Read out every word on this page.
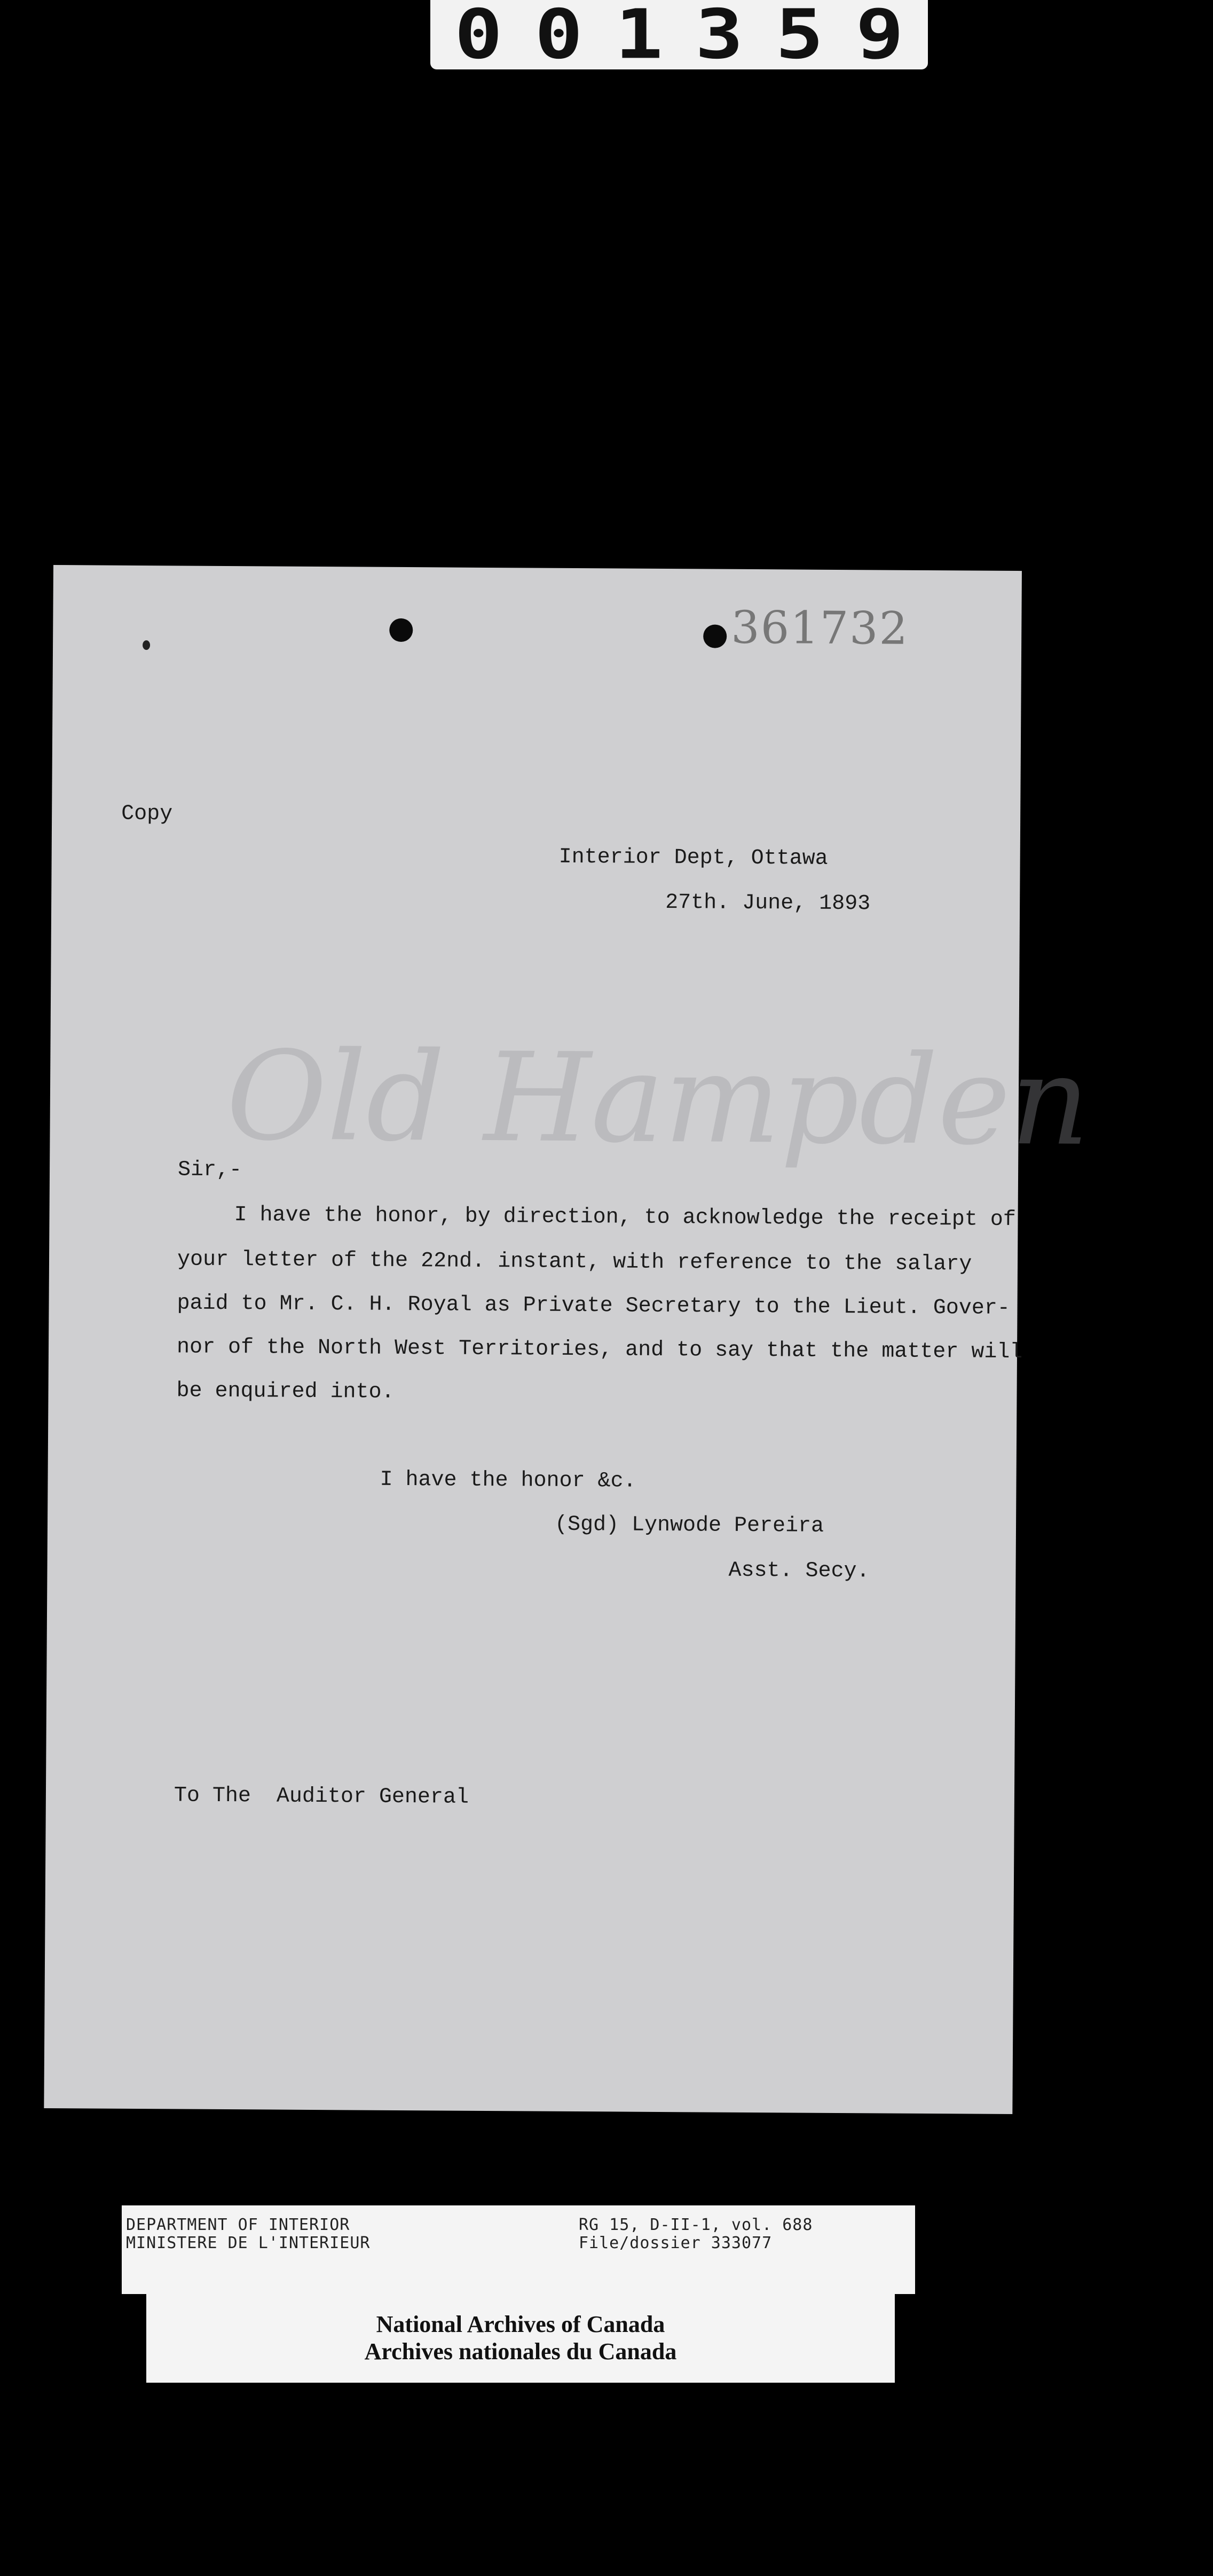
001359
361732
Old Hampden
Copy
Interior Dept, Ottawa
27th. June, 1893
Sir,-
I have the honor, by direction, to acknowledge the receipt of
your letter of the 22nd. instant, with reference to the salary
paid to Mr. C. H. Royal as Private Secretary to the Lieut. Gover-
nor of the North West Territories, and to say that the matter will
be enquired into.
I have the honor &c.
(Sgd) Lynwode Pereira
Asst. Secy.
To The  Auditor General
DEPARTMENT OF INTERIOR
MINISTERE DE L'INTERIEUR
RG 15, D-II-1, vol. 688
File/dossier 333077
National Archives of Canada
Archives nationales du Canada
